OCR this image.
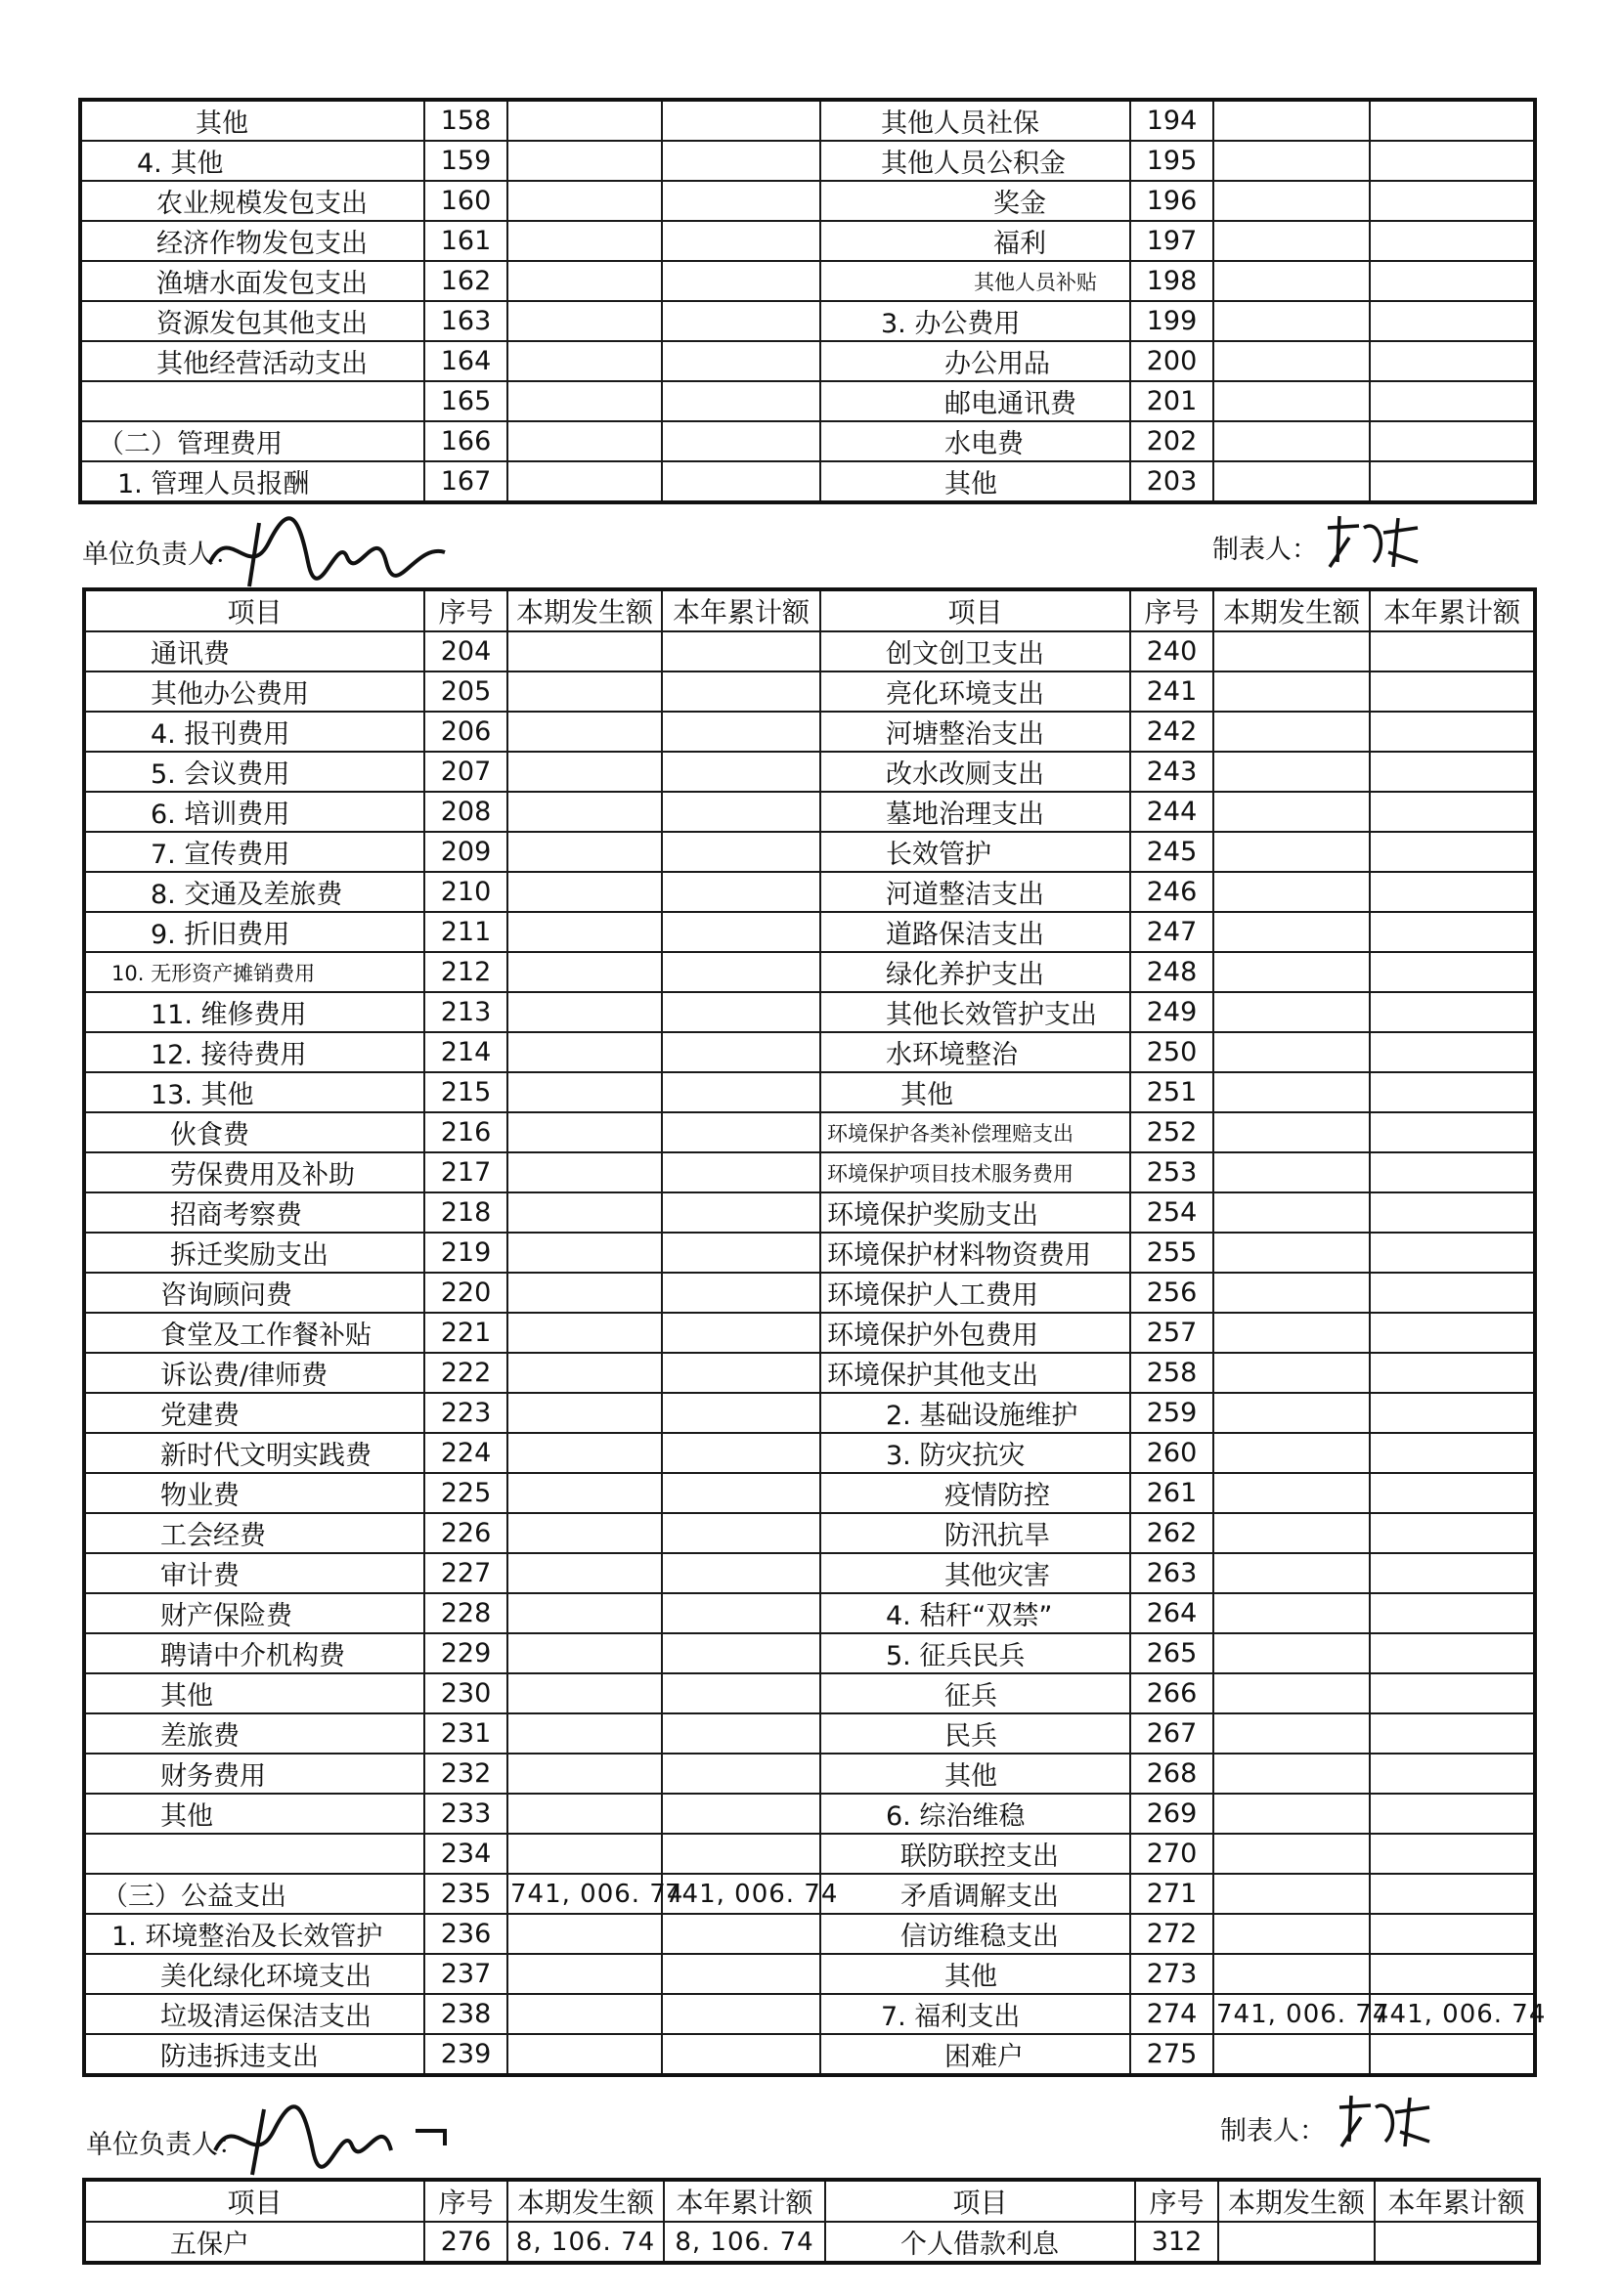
其他	158			其他人员社保	194		
4. 其他	159			其他人员公积金	195		
农业规模发包支出	160			奖金	196		
经济作物发包支出	161			福利	197		
渔塘水面发包支出	162			其他人员补贴	198		
资源发包其他支出	163			3. 办公费用	199		
其他经营活动支出	164			办公用品	200		
	165			邮电通讯费	201		
（二）管理费用	166			水电费	202		
1. 管理人员报酬	167			其他	203		
单位负责人：	制表人：
项目	序号	本期发生额	本年累计额	项目	序号	本期发生额	本年累计额
通讯费	204			创文创卫支出	240		
其他办公费用	205			亮化环境支出	241		
4. 报刊费用	206			河塘整治支出	242		
5. 会议费用	207			改水改厕支出	243		
6. 培训费用	208			墓地治理支出	244		
7. 宣传费用	209			长效管护	245		
8. 交通及差旅费	210			河道整洁支出	246		
9. 折旧费用	211			道路保洁支出	247		
10. 无形资产摊销费用	212			绿化养护支出	248		
11. 维修费用	213			其他长效管护支出	249		
12. 接待费用	214			水环境整治	250		
13. 其他	215			其他	251		
伙食费	216			环境保护各类补偿理赔支出	252		
劳保费用及补助	217			环境保护项目技术服务费用	253		
招商考察费	218			环境保护奖励支出	254		
拆迁奖励支出	219			环境保护材料物资费用	255		
咨询顾问费	220			环境保护人工费用	256		
食堂及工作餐补贴	221			环境保护外包费用	257		
诉讼费/律师费	222			环境保护其他支出	258		
党建费	223			2. 基础设施维护	259		
新时代文明实践费	224			3. 防灾抗灾	260		
物业费	225			疫情防控	261		
工会经费	226			防汛抗旱	262		
审计费	227			其他灾害	263		
财产保险费	228			4. 秸秆“双禁”	264		
聘请中介机构费	229			5. 征兵民兵	265		
其他	230			征兵	266		
差旅费	231			民兵	267		
财务费用	232			其他	268		
其他	233			6. 综治维稳	269		
	234			联防联控支出	270		
（三）公益支出	235	741, 006. 74	741, 006. 74	矛盾调解支出	271		
1. 环境整治及长效管护	236			信访维稳支出	272		
美化绿化环境支出	237			其他	273		
垃圾清运保洁支出	238			7. 福利支出	274	741, 006. 74	741, 006. 74
防违拆违支出	239			困难户	275		
单位负责人：	制表人：
项目	序号	本期发生额	本年累计额	项目	序号	本期发生额	本年累计额
五保户	276	8, 106. 74	8, 106. 74	个人借款利息	312		
